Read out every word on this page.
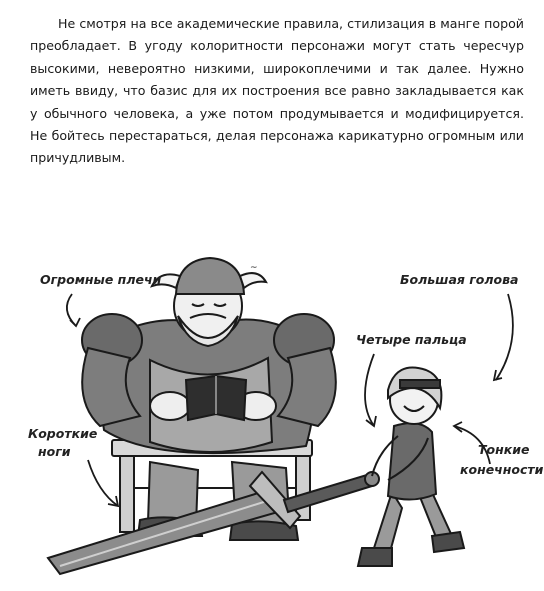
Не смотря на все академические правила, стилизация в манге порой преобладает. В угоду колоритности персонажи могут стать чересчур высокими, невероятно низкими, широкоплечими и так далее. Нужно иметь ввиду, что базис для их построения все равно закладывается как у обычного человека, а уже потом продумывается и модифицируется. Не бойтесь перестараться, делая персонажа карикатурно огромным или причудливым.

~
Огромные плечи	Большая голова
Четыре пальца
Короткие
ноги	Тонкие
конечности
